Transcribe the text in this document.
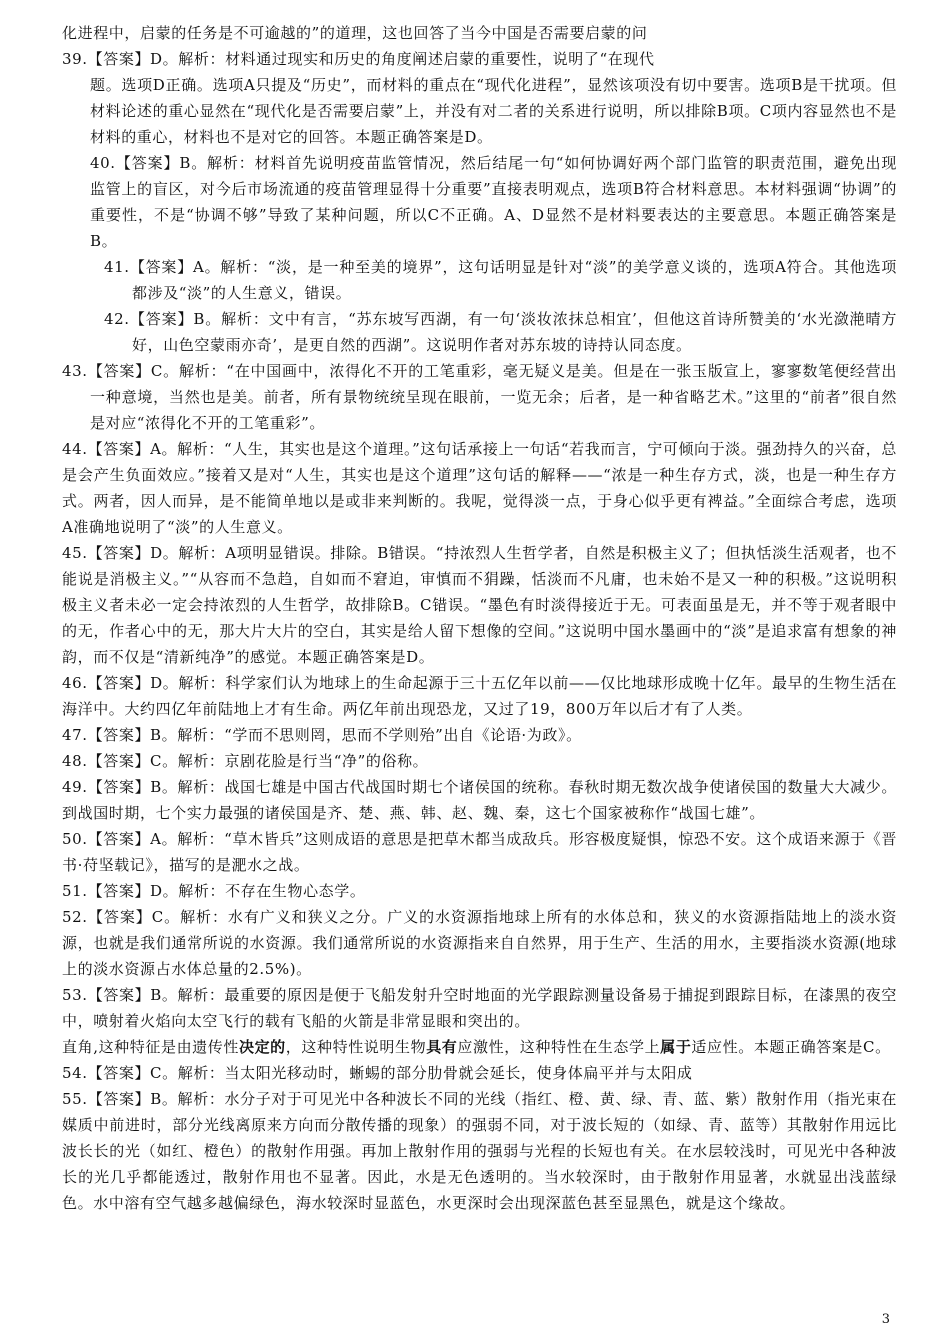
化进程中，启蒙的任务是不可逾越的”的道理，这也回答了当今中国是否需要启蒙的问

39.【答案】D。解析：材料通过现实和历史的角度阐述启蒙的重要性，说明了“在现代

题。选项D正确。选项A只提及“历史”，而材料的重点在“现代化进程”，显然该项没有切中要害。选项B是干扰项。但材料论述的重心显然在“现代化是否需要启蒙”上，并没有对二者的关系进行说明，所以排除B项。C项内容显然也不是材料的重心，材料也不是对它的回答。本题正确答案是D。

40.【答案】B。解析：材料首先说明疫苗监管情况，然后结尾一句“如何协调好两个部门监管的职责范围，避免出现监管上的盲区，对今后市场流通的疫苗管理显得十分重要”直接表明观点，选项B符合材料意思。本材料强调“协调”的重要性，不是“协调不够”导致了某种问题，所以C不正确。A、D显然不是材料要表达的主要意思。本题正确答案是B。

41.【答案】A。解析：“淡，是一种至美的境界”，这句话明显是针对“淡”的美学意义谈的，选项A符合。其他选项都涉及“淡”的人生意义，错误。

42.【答案】B。解析：文中有言，“苏东坡写西湖，有一句‘淡妆浓抹总相宜’，但他这首诗所赞美的‘水光潋滟晴方好，山色空蒙雨亦奇’，是更自然的西湖”。这说明作者对苏东坡的诗持认同态度。

43.【答案】C。解析：“在中国画中，浓得化不开的工笔重彩，毫无疑义是美。但是在一张玉版宣上，寥寥数笔便经营出一种意境，当然也是美。前者，所有景物统统呈现在眼前，一览无余；后者，是一种省略艺术。”这里的“前者”很自然是对应“浓得化不开的工笔重彩”。

44.【答案】A。解析：“人生，其实也是这个道理。”这句话承接上一句话“若我而言，宁可倾向于淡。强劲持久的兴奋，总是会产生负面效应。”接着又是对“人生，其实也是这个道理”这句话的解释——“浓是一种生存方式，淡，也是一种生存方式。两者，因人而异，是不能简单地以是或非来判断的。我呢，觉得淡一点，于身心似乎更有裨益。”全面综合考虑，选项A准确地说明了“淡”的人生意义。

45.【答案】D。解析：A项明显错误。排除。B错误。“持浓烈人生哲学者，自然是积极主义了；但执恬淡生活观者，也不能说是消极主义。”“从容而不急趋，自如而不窘迫，审慎而不狷躁，恬淡而不凡庸，也未始不是又一种的积极。”这说明积极主义者未必一定会持浓烈的人生哲学，故排除B。C错误。“墨色有时淡得接近于无。可表面虽是无，并不等于观者眼中的无，作者心中的无，那大片大片的空白，其实是给人留下想像的空间。”这说明中国水墨画中的“淡”是追求富有想象的神韵，而不仅是“清新纯净”的感觉。本题正确答案是D。

46.【答案】D。解析：科学家们认为地球上的生命起源于三十五亿年以前——仅比地球形成晚十亿年。最早的生物生活在海洋中。大约四亿年前陆地上才有生命。两亿年前出现恐龙，又过了19，800万年以后才有了人类。

47.【答案】B。解析：“学而不思则罔，思而不学则殆”出自《论语·为政》。

48.【答案】C。解析：京剧花脸是行当“净”的俗称。

49.【答案】B。解析：战国七雄是中国古代战国时期七个诸侯国的统称。春秋时期无数次战争使诸侯国的数量大大减少。到战国时期，七个实力最强的诸侯国是齐、楚、燕、韩、赵、魏、秦，这七个国家被称作“战国七雄”。

50.【答案】A。解析：“草木皆兵”这则成语的意思是把草木都当成敌兵。形容极度疑惧，惊恐不安。这个成语来源于《晋书·苻坚载记》，描写的是淝水之战。

51.【答案】D。解析：不存在生物心态学。

52.【答案】C。解析：水有广义和狭义之分。广义的水资源指地球上所有的水体总和，狭义的水资源指陆地上的淡水资源，也就是我们通常所说的水资源。我们通常所说的水资源指来自自然界，用于生产、生活的用水，主要指淡水资源(地球上的淡水资源占水体总量的2.5%)。

53.【答案】B。解析：最重要的原因是便于飞船发射升空时地面的光学跟踪测量设备易于捕捉到跟踪目标，在漆黑的夜空中，喷射着火焰向太空飞行的载有飞船的火箭是非常显眼和突出的。

直角,这种特征是由遗传性决定的，这种特性说明生物具有应激性，这种特性在生态学上属于适应性。本题正确答案是C。

54.【答案】C。解析：当太阳光移动时，蜥蜴的部分肋骨就会延长，使身体扁平并与太阳成

55.【答案】B。解析：水分子对于可见光中各种波长不同的光线（指红、橙、黄、绿、青、蓝、紫）散射作用（指光束在媒质中前进时，部分光线离原来方向而分散传播的现象）的强弱不同，对于波长短的（如绿、青、蓝等）其散射作用远比波长长的光（如红、橙色）的散射作用强。再加上散射作用的强弱与光程的长短也有关。在水层较浅时，可见光中各种波长的光几乎都能透过，散射作用也不显著。因此，水是无色透明的。当水较深时，由于散射作用显著，水就显出浅蓝绿色。水中溶有空气越多越偏绿色，海水较深时显蓝色，水更深时会出现深蓝色甚至显黑色，就是这个缘故。

3
